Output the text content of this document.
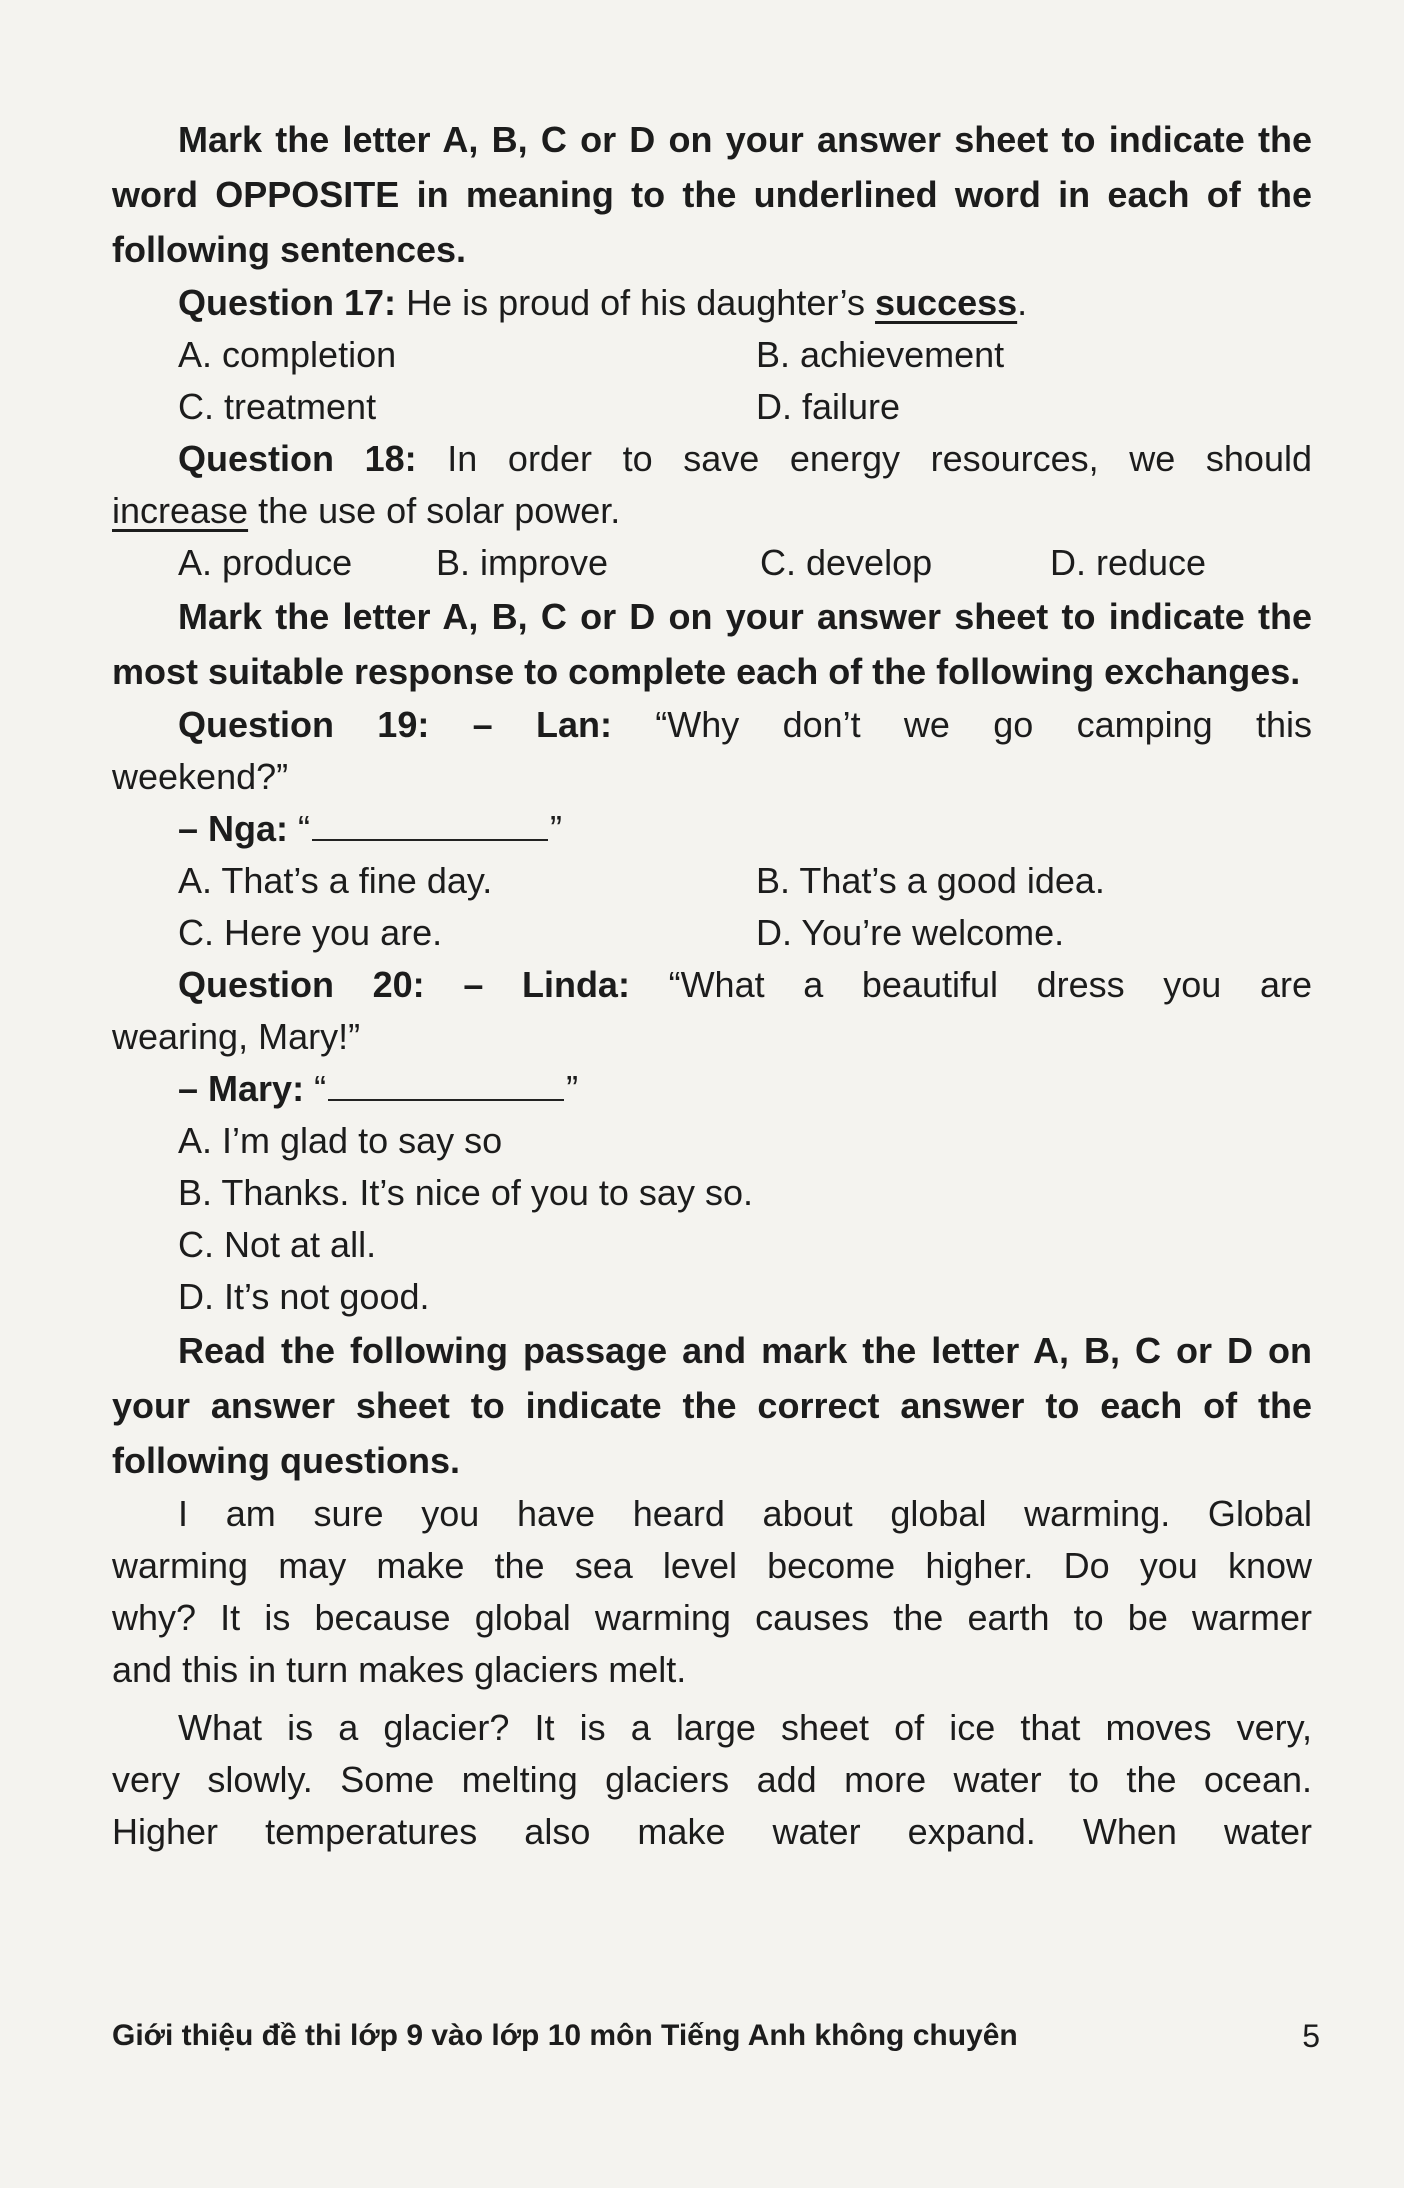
Mark the letter A, B, C or D on your answer sheet to indicate the word OPPOSITE in meaning to the underlined word in each of the following sentences.

Question 17: He is proud of his daughter’s success.

A. completion	B. achievement
C. treatment	D. failure

Question 18: In order to save energy resources, we should

increase the use of solar power.

A. produce	B. improve	C. develop	D. reduce

Mark the letter A, B, C or D on your answer sheet to indicate the most suitable response to complete each of the following exchanges.

Question 19: – Lan: “Why don’t we go camping this

weekend?”

– Nga: “	”

A. That’s a fine day.	B. That’s a good idea.
C. Here you are.	D. You’re welcome.

Question 20: – Linda: “What a beautiful dress you are

wearing, Mary!”

– Mary: “	”

A. I’m glad to say so

B. Thanks. It’s nice of you to say so.

C. Not at all.

D. It’s not good.

Read the following passage and mark the letter A, B, C or D on your answer sheet to indicate the correct answer to each of the following questions.

I am sure you have heard about global warming. Global

warming may make the sea level become higher. Do you know

why? It is because global warming causes the earth to be warmer

and this in turn makes glaciers melt.

What is a glacier? It is a large sheet of ice that moves very,

very slowly. Some melting glaciers add more water to the ocean.

Higher temperatures also make water expand. When water

Giới thiệu đề thi lớp 9 vào lớp 10 môn Tiếng Anh không chuyên	5
